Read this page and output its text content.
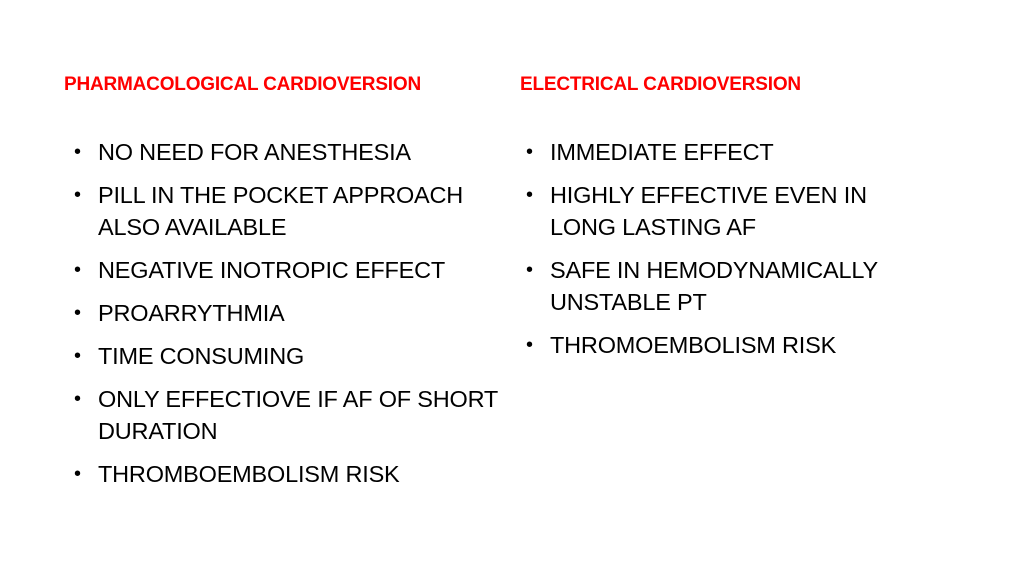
PHARMACOLOGICAL CARDIOVERSION
• NO NEED FOR ANESTHESIA
• PILL IN THE POCKET APPROACH ALSO AVAILABLE
• NEGATIVE INOTROPIC EFFECT
• PROARRYTHMIA
• TIME CONSUMING
• ONLY EFFECTIOVE IF AF OF SHORT DURATION
• THROMBOEMBOLISM RISK
ELECTRICAL CARDIOVERSION
• IMMEDIATE EFFECT
• HIGHLY EFFECTIVE EVEN IN LONG LASTING AF
• SAFE IN HEMODYNAMICALLY UNSTABLE PT
• THROMOEMBOLISM RISK
